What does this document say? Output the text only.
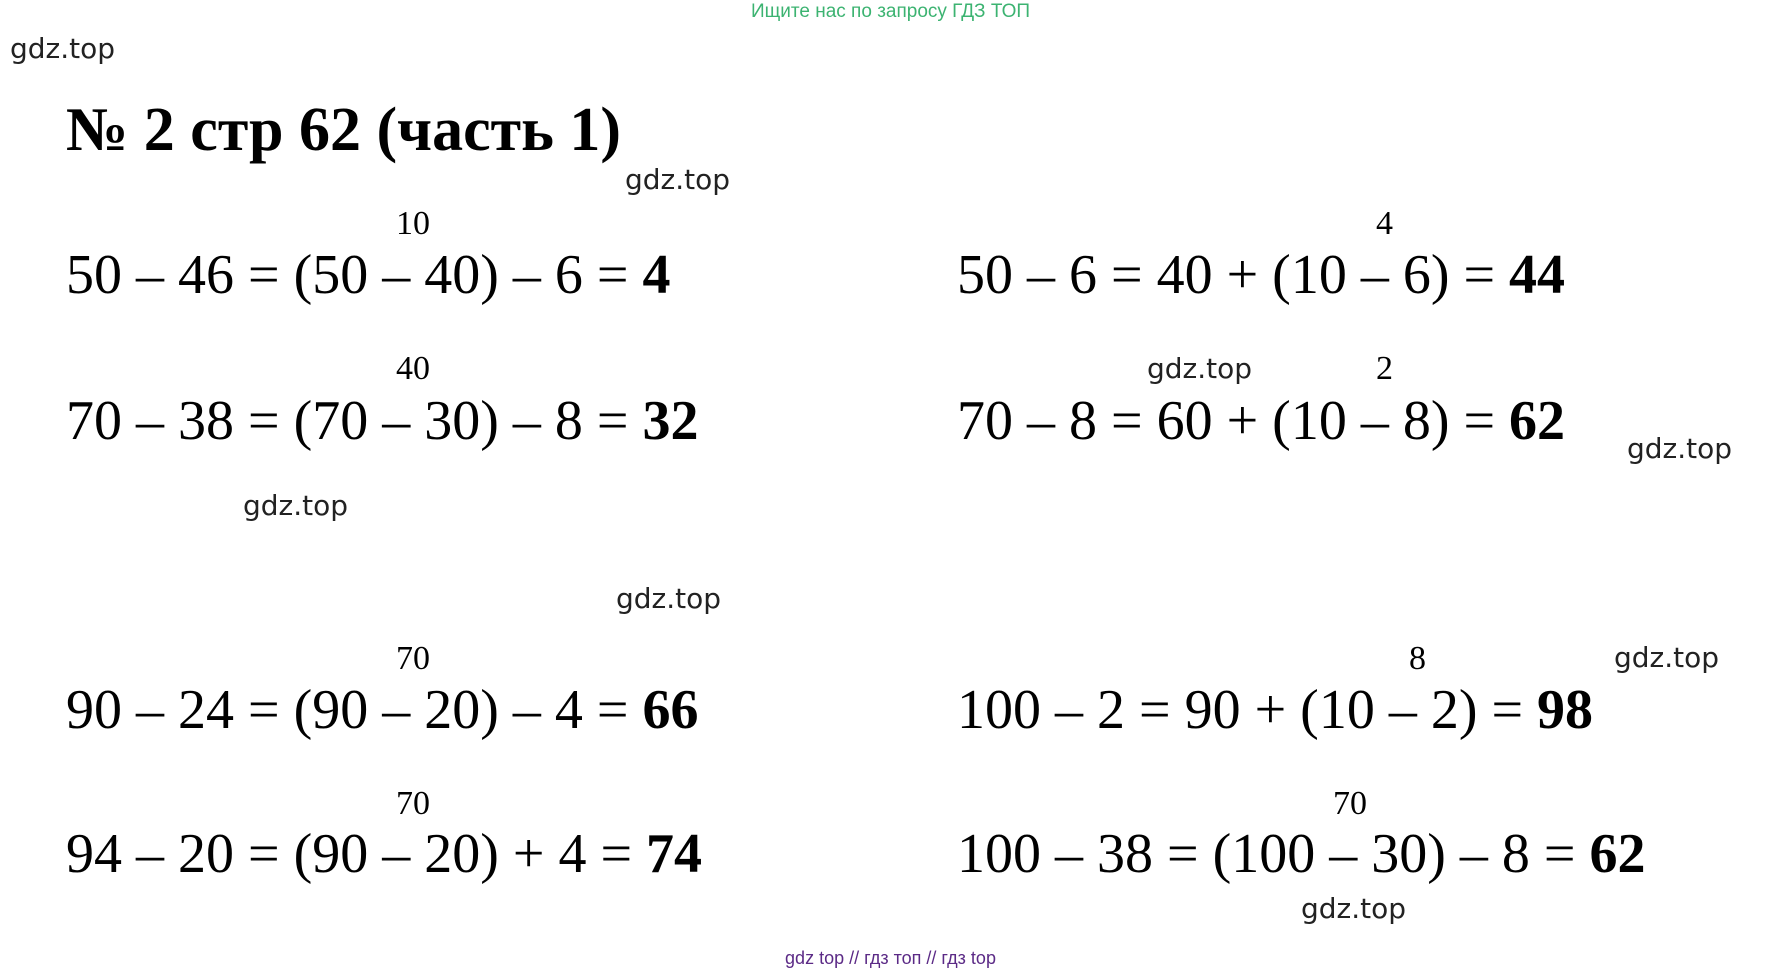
Ищите нас по запросу ГДЗ ТОП
gdz.top
gdz.top
gdz.top
gdz.top
gdz.top
gdz.top
gdz.top
gdz.top
№ 2 стр 62 (часть 1)
10
50 – 46 = (50 – 40) – 6 = 4
40
70 – 38 = (70 – 30) – 8 = 32
70
90 – 24 = (90 – 20) – 4 = 66
70
94 – 20 = (90 – 20) + 4 = 74
4
50 – 6 = 40 + (10 – 6) = 44
2
70 – 8 = 60 + (10 – 8) = 62
8
100 – 2 = 90 + (10 – 2) = 98
70
100 – 38 = (100 – 30) – 8 = 62
gdz top // гдз топ // гдз top
